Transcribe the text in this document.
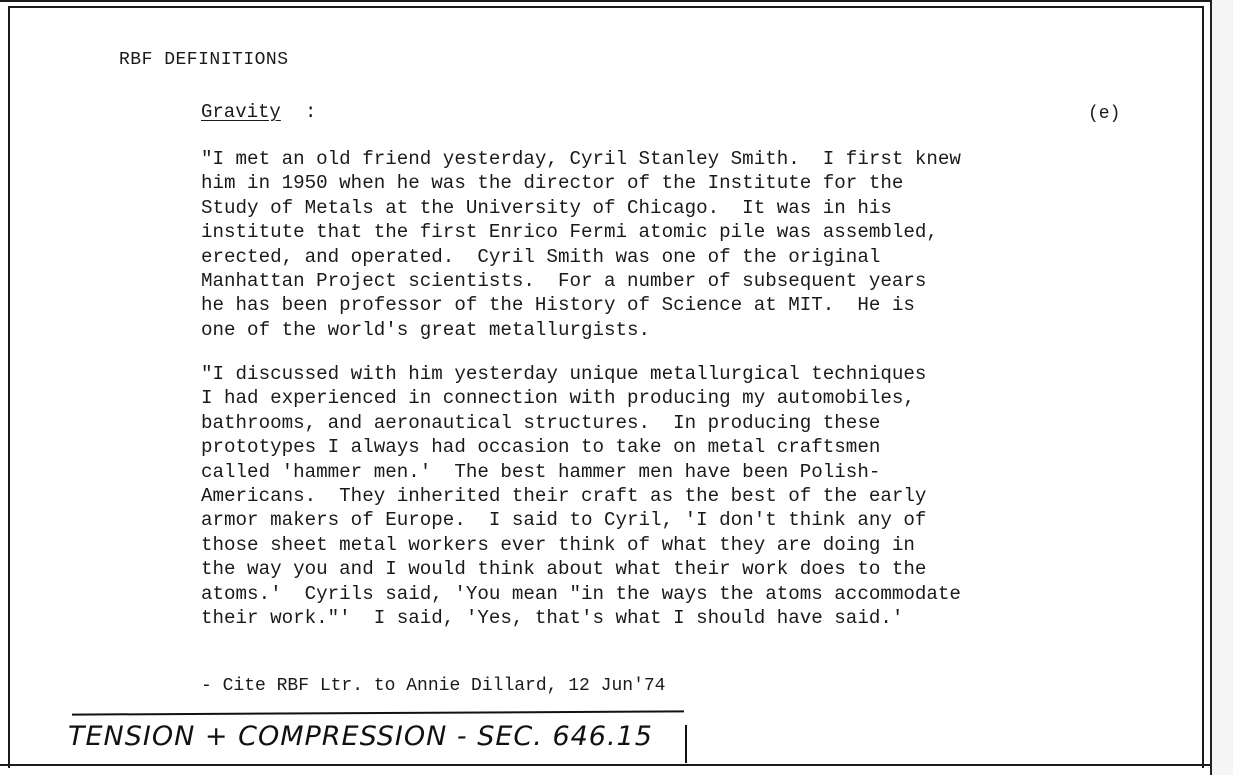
RBF DEFINITIONS
Gravity :	(e)
"I met an old friend yesterday, Cyril Stanley Smith.  I first knew
him in 1950 when he was the director of the Institute for the
Study of Metals at the University of Chicago.  It was in his
institute that the first Enrico Fermi atomic pile was assembled,
erected, and operated.  Cyril Smith was one of the original
Manhattan Project scientists.  For a number of subsequent years
he has been professor of the History of Science at MIT.  He is
one of the world's great metallurgists.
"I discussed with him yesterday unique metallurgical techniques
I had experienced in connection with producing my automobiles,
bathrooms, and aeronautical structures.  In producing these
prototypes I always had occasion to take on metal craftsmen
called 'hammer men.'  The best hammer men have been Polish-
Americans.  They inherited their craft as the best of the early
armor makers of Europe.  I said to Cyril, 'I don't think any of
those sheet metal workers ever think of what they are doing in
the way you and I would think about what their work does to the
atoms.'  Cyrils said, 'You mean "in the ways the atoms accommodate
their work."'  I said, 'Yes, that's what I should have said.'
- Cite RBF Ltr. to Annie Dillard, 12 Jun'74
TENSION + COMPRESSION - SEC. 646.15
